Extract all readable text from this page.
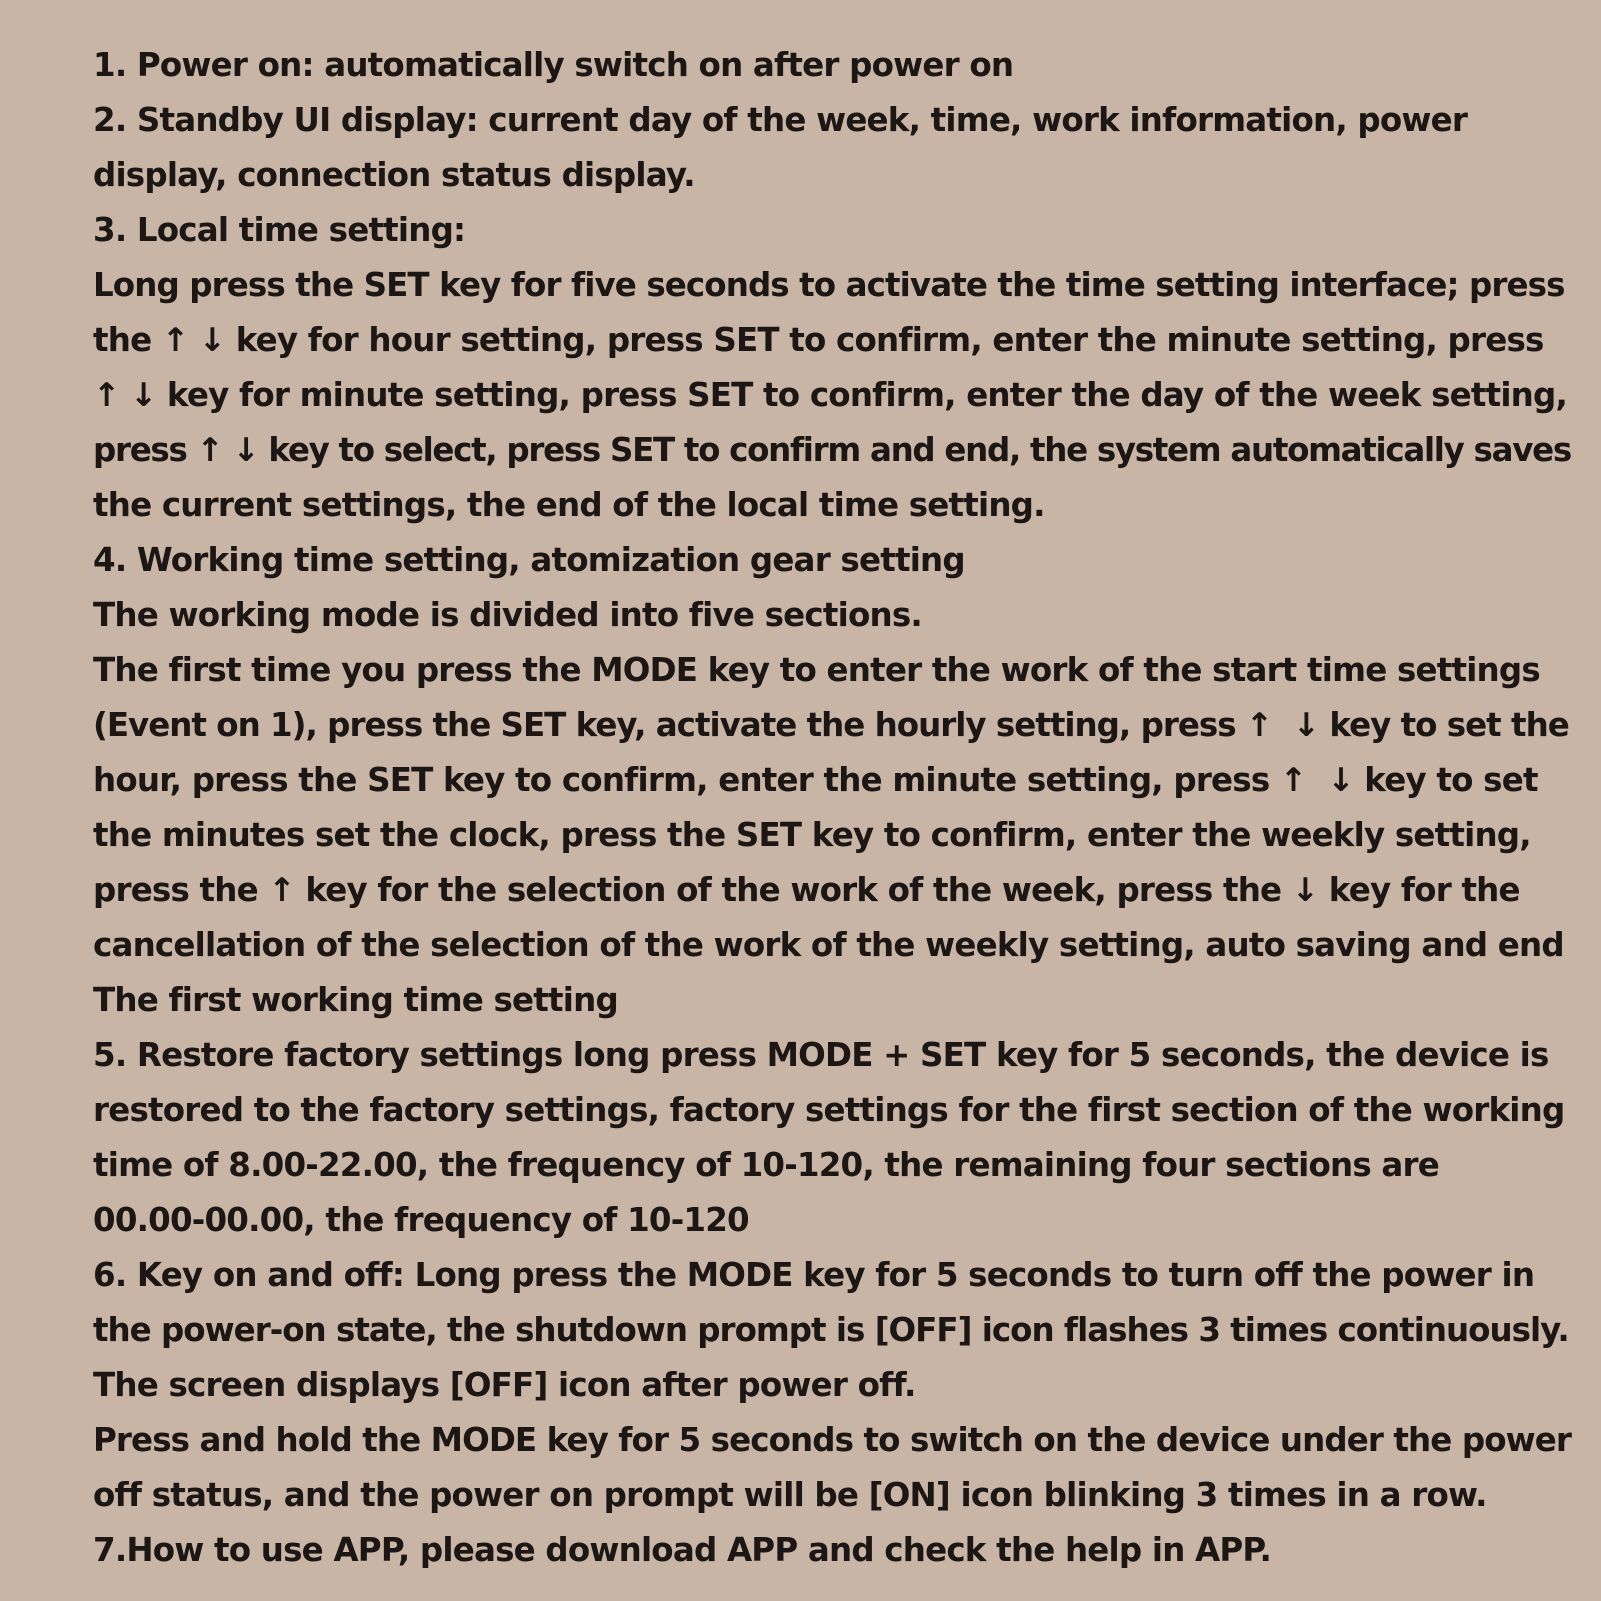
1. Power on: automatically switch on after power on
2. Standby UI display: current day of the week, time, work information, power
display, connection status display.
3. Local time setting:
Long press the SET key for five seconds to activate the time setting interface; press
the ↑ ↓ key for hour setting, press SET to confirm, enter the minute setting, press
↑ ↓ key for minute setting, press SET to confirm, enter the day of the week setting,
press ↑ ↓ key to select, press SET to confirm and end, the system automatically saves
the current settings, the end of the local time setting.
4. Working time setting, atomization gear setting
The working mode is divided into five sections.
The first time you press the MODE key to enter the work of the start time settings
(Event on 1), press the SET key, activate the hourly setting, press ↑  ↓ key to set the
hour, press the SET key to confirm, enter the minute setting, press ↑  ↓ key to set
the minutes set the clock, press the SET key to confirm, enter the weekly setting,
press the ↑ key for the selection of the work of the week, press the ↓ key for the
cancellation of the selection of the work of the weekly setting, auto saving and end
The first working time setting
5. Restore factory settings long press MODE + SET key for 5 seconds, the device is
restored to the factory settings, factory settings for the first section of the working
time of 8.00-22.00, the frequency of 10-120, the remaining four sections are
00.00-00.00, the frequency of 10-120
6. Key on and off: Long press the MODE key for 5 seconds to turn off the power in
the power-on state, the shutdown prompt is [OFF] icon flashes 3 times continuously.
The screen displays [OFF] icon after power off.
Press and hold the MODE key for 5 seconds to switch on the device under the power
off status, and the power on prompt will be [ON] icon blinking 3 times in a row.
7.How to use APP, please download APP and check the help in APP.
